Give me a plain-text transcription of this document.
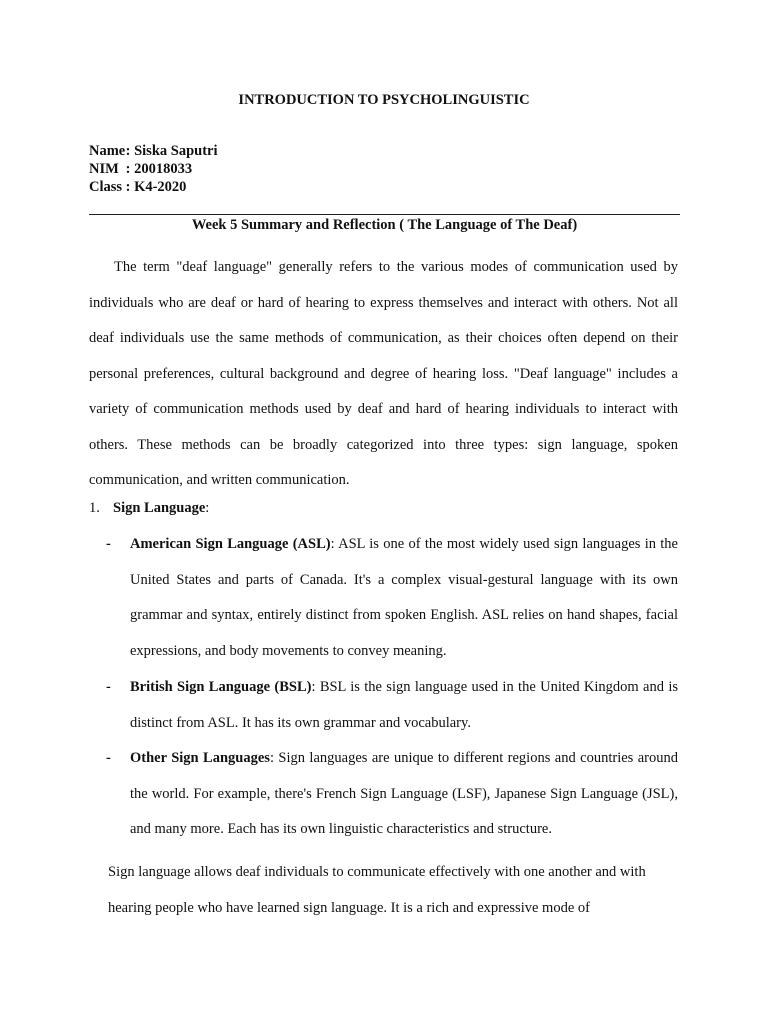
INTRODUCTION TO PSYCHOLINGUISTIC
Name : Siska Saputri
NIM : 20018033
Class : K4-2020
Week 5 Summary and Reflection ( The Language of The Deaf)

The term "deaf language" generally refers to the various modes of communication used by individuals who are deaf or hard of hearing to express themselves and interact with others. Not all deaf individuals use the same methods of communication, as their choices often depend on their personal preferences, cultural background and degree of hearing loss. "Deaf language" includes a variety of communication methods used by deaf and hard of hearing individuals to interact with others. These methods can be broadly categorized into three types: sign language, spoken communication, and written communication.

1. Sign Language:
- American Sign Language (ASL): ASL is one of the most widely used sign languages in the United States and parts of Canada. It's a complex visual-gestural language with its own grammar and syntax, entirely distinct from spoken English. ASL relies on hand shapes, facial expressions, and body movements to convey meaning.
- British Sign Language (BSL): BSL is the sign language used in the United Kingdom and is distinct from ASL. It has its own grammar and vocabulary.
- Other Sign Languages: Sign languages are unique to different regions and countries around the world. For example, there's French Sign Language (LSF), Japanese Sign Language (JSL), and many more. Each has its own linguistic characteristics and structure.
Sign language allows deaf individuals to communicate effectively with one another and with
hearing people who have learned sign language. It is a rich and expressive mode of
